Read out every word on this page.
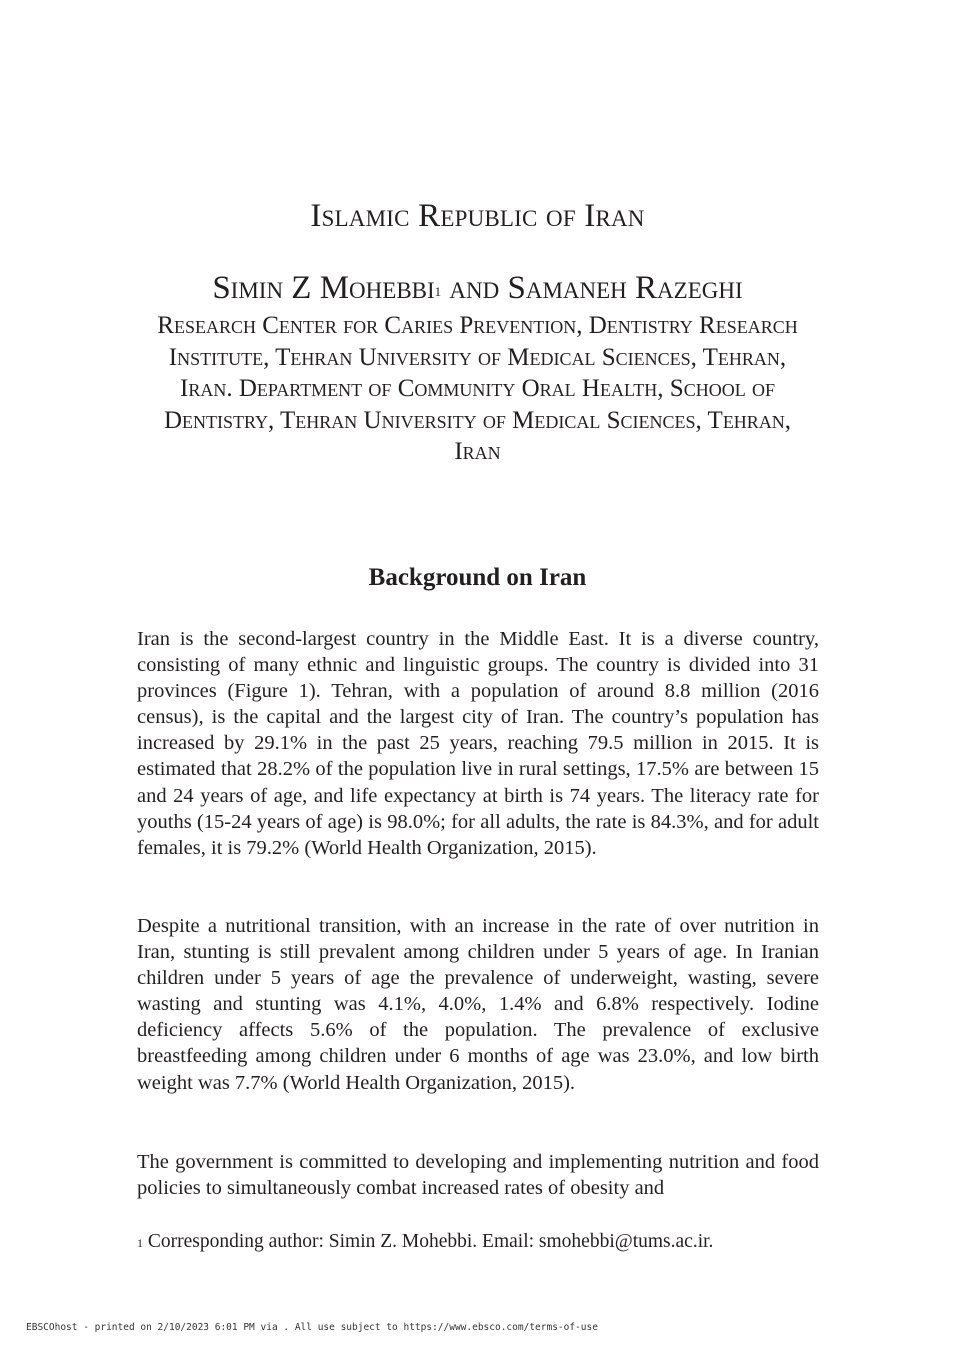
Islamic Republic of Iran
Simin Z Mohebbi$^1$ and Samaneh Razeghi
Research Center for Caries Prevention, Dentistry Research Institute, Tehran University of Medical Sciences, Tehran, Iran. Department of Community Oral Health, School of Dentistry, Tehran University of Medical Sciences, Tehran, Iran
Background on Iran

Iran is the second-largest country in the Middle East. It is a diverse country, consisting of many ethnic and linguistic groups. The country is divided into 31 provinces (Figure 1). Tehran, with a population of around 8.8 million (2016 census), is the capital and the largest city of Iran. The country’s population has increased by 29.1% in the past 25 years, reaching 79.5 million in 2015. It is estimated that 28.2% of the population live in rural settings, 17.5% are between 15 and 24 years of age, and life expectancy at birth is 74 years. The literacy rate for youths (15-24 years of age) is 98.0%; for all adults, the rate is 84.3%, and for adult females, it is 79.2% (World Health Organization, 2015).

Despite a nutritional transition, with an increase in the rate of over nutrition in Iran, stunting is still prevalent among children under 5 years of age. In Iranian children under 5 years of age the prevalence of underweight, wasting, severe wasting and stunting was 4.1%, 4.0%, 1.4% and 6.8% respectively. Iodine deficiency affects 5.6% of the population. The prevalence of exclusive breastfeeding among children under 6 months of age was 23.0%, and low birth weight was 7.7% (World Health Organization, 2015).

The government is committed to developing and implementing nutrition and food policies to simultaneously combat increased rates of obesity and

$^1$ Corresponding author: Simin Z. Mohebbi. Email: smohebbi@tums.ac.ir.
EBSCOhost - printed on 2/10/2023 6:01 PM via . All use subject to https://www.ebsco.com/terms-of-use
